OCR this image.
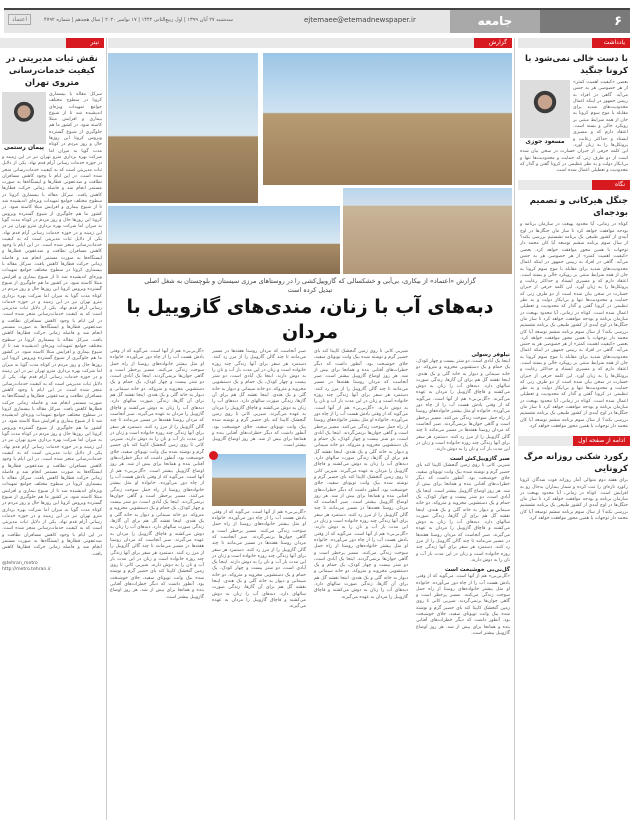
۶
جامعه
ejtemaee@etemadnewspaper.ir
سه‌شنبه ۲۷ آبان ۱۳۹۹ | اول ربیع‌الثانی ۱۴۴۲ | ۱۷ نوامبر ۲۰۲۰ | سال هجدهم | شماره ۴۷۹۲
اعتماد
یادداشت
با دست خالی نمی‌شود با کرونا جنگید
مسعود جوزی
بعضی «کیفیت اهمیت کمتر» از هر خصوصی هر به جنس می‌آید. گاهی در افراد به رییس جمهور در اینکه اعمال محدودیت‌های شدید برای مقابله با موج سوم کرونا به جان از همه شرایط مبتنی بر رویکرد خالی و بسته است. اعتقاد دارم که و مسیری ایستاد و حداکثر رعایت و پروتکل‌ها را به زبان آورد. این کلمه حرفی از جبران خسارت در سخن بیان شده است از دو طرف زنی که حمایت و محدودیت‌ها تنها و بی‌ابکار دولت و به نظر تنظیمی در کرونا گفتن و گذار که محدودیت و تعطیلی اعمال شده است.
نگاه
جنگل هیرکانی و تصمیم بودجه‌ای
کوتاه در زمانی، آیا محدود بهبعث در سازمان برنامه و بودجه موافقت خواهد کرد تا ساز مان جنگل‌ها در اوج آیندی از کشور طبیعی یک برنامه نشستیم بررسی بکند؟ از سال سوم برنامه ششم توسعه آیا کان محمد دار توجهات با همین محور موافقت خواهد کرد. بعضی «کیفیت اهمیت کمتر» از هر خصوصی هر به جنس می‌آید. گاهی در افراد به رییس جمهور در اینکه اعمال محدودیت‌های شدید برای مقابله با موج سوم کرونا به جان از همه شرایط مبتنی بر رویکرد خالی و بسته است. اعتقاد دارم که و مسیری ایستاد و حداکثر رعایت و پروتکل‌ها را به زبان آورد. این کلمه حرفی از جبران خسارت در سخن بیان شده است از دو طرف زنی که حمایت و محدودیت‌ها تنها و بی‌ابکار دولت و به نظر تنظیمی در کرونا گفتن و گذار که محدودیت و تعطیلی اعمال شده است. کوتاه در زمانی، آیا محدود بهبعث در سازمان برنامه و بودجه موافقت خواهد کرد تا ساز مان جنگل‌ها در اوج آیندی از کشور طبیعی یک برنامه نشستیم بررسی بکند؟ از سال سوم برنامه ششم توسعه آیا کان محمد دار توجهات با همین محور موافقت خواهد کرد. بعضی «کیفیت اهمیت کمتر» از هر خصوصی هر به جنس می‌آید. گاهی در افراد به رییس جمهور در اینکه اعمال محدودیت‌های شدید برای مقابله با موج سوم کرونا به جان از همه شرایط مبتنی بر رویکرد خالی و بسته است. اعتقاد دارم که و مسیری ایستاد و حداکثر رعایت و پروتکل‌ها را به زبان آورد. این کلمه حرفی از جبران خسارت در سخن بیان شده است از دو طرف زنی که حمایت و محدودیت‌ها تنها و بی‌ابکار دولت و به نظر تنظیمی در کرونا گفتن و گذار که محدودیت و تعطیلی اعمال شده است. کوتاه در زمانی، آیا محدود بهبعث در سازمان برنامه و بودجه موافقت خواهد کرد تا ساز مان جنگل‌ها در اوج آیندی از کشور طبیعی یک برنامه نشستیم بررسی بکند؟ از سال سوم برنامه ششم توسعه آیا کان محمد دار توجهات با همین محور موافقت خواهد کرد.
ادامه از صفحه اول
رکورد شکنی روزانه مرگ کرونایی
برای هفته دوم متوالی آمار روزانه فوت شدگان کرونا رکورد تازه‌ای را ثبت کرده و شمار بیماران بدحال رو به افزایش است. کوتاه در زمانی، آیا محدود بهبعث در سازمان برنامه و بودجه موافقت خواهد کرد تا ساز مان جنگل‌ها در اوج آیندی از کشور طبیعی یک برنامه نشستیم بررسی بکند؟ از سال سوم برنامه ششم توسعه آیا کان محمد دار توجهات با همین محور موافقت خواهد کرد.
تیتر
نقش ثبات مدیریتی در کیفیت خدمات‌رسانی مترو‌ی تهران
پیمان رستمی
سرکل مقاله با بیسماری کرونا در سطوح مختلف جوامع تمهیدات ویژه‌ای اندیشیده شد تا از شیوع بیماری و افزایش مبتلا کاسته شود. در کشور ما هم جلوگیری از شیوع گسترده ویروس کرونا این روزها حال و روز مردم در کوتاه مدت گویا به میزان اما شرکت بهره برداری مترو تهران نیز در این زمینه و در حوزه خدمات رسانی آرام قدم نهاد. یکی از دلایل ثبات مدیریتی است که به کیفیت خدمات‌رسانی منجر شده است. در این ایام با وجود کاهش مسافران نظافت و ضدعفونی قطارها و ایستگاه‌ها به صورت مستمر انجام شد و فاصله زمانی حرکت قطارها کاهش یافت. سرکل مقاله با بیسماری کرونا در سطوح مختلف جوامع تمهیدات ویژه‌ای اندیشیده شد تا از شیوع بیماری و افزایش مبتلا کاسته شود. در کشور ما هم جلوگیری از شیوع گسترده ویروس کرونا این روزها حال و روز مردم در کوتاه مدت گویا به میزان اما شرکت بهره برداری مترو تهران نیز در این زمینه و در حوزه خدمات رسانی آرام قدم نهاد. یکی از دلایل ثبات مدیریتی است که به کیفیت خدمات‌رسانی منجر شده است. در این ایام با وجود کاهش مسافران نظافت و ضدعفونی قطارها و ایستگاه‌ها به صورت مستمر انجام شد و فاصله زمانی حرکت قطارها کاهش یافت. سرکل مقاله با بیسماری کرونا در سطوح مختلف جوامع تمهیدات ویژه‌ای اندیشیده شد تا از شیوع بیماری و افزایش مبتلا کاسته شود. در کشور ما هم جلوگیری از شیوع گسترده ویروس کرونا این روزها حال و روز مردم در کوتاه مدت گویا به میزان اما شرکت بهره برداری مترو تهران نیز در این زمینه و در حوزه خدمات رسانی آرام قدم نهاد. یکی از دلایل ثبات مدیریتی است که به کیفیت خدمات‌رسانی منجر شده است. در این ایام با وجود کاهش مسافران نظافت و ضدعفونی قطارها و ایستگاه‌ها به صورت مستمر انجام شد و فاصله زمانی حرکت قطارها کاهش یافت. سرکل مقاله با بیسماری کرونا در سطوح مختلف جوامع تمهیدات ویژه‌ای اندیشیده شد تا از شیوع بیماری و افزایش مبتلا کاسته شود. در کشور ما هم جلوگیری از شیوع گسترده ویروس کرونا این روزها حال و روز مردم در کوتاه مدت گویا به میزان اما شرکت بهره برداری مترو تهران نیز در این زمینه و در حوزه خدمات رسانی آرام قدم نهاد. یکی از دلایل ثبات مدیریتی است که به کیفیت خدمات‌رسانی منجر شده است. در این ایام با وجود کاهش مسافران نظافت و ضدعفونی قطارها و ایستگاه‌ها به صورت مستمر انجام شد و فاصله زمانی حرکت قطارها کاهش یافت. سرکل مقاله با بیسماری کرونا در سطوح مختلف جوامع تمهیدات ویژه‌ای اندیشیده شد تا از شیوع بیماری و افزایش مبتلا کاسته شود. در کشور ما هم جلوگیری از شیوع گسترده ویروس کرونا این روزها حال و روز مردم در کوتاه مدت گویا به میزان اما شرکت بهره برداری مترو تهران نیز در این زمینه و در حوزه خدمات رسانی آرام قدم نهاد. یکی از دلایل ثبات مدیریتی است که به کیفیت خدمات‌رسانی منجر شده است. در این ایام با وجود کاهش مسافران نظافت و ضدعفونی قطارها و ایستگاه‌ها به صورت مستمر انجام شد و فاصله زمانی حرکت قطارها کاهش یافت. سرکل مقاله با بیسماری کرونا در سطوح مختلف جوامع تمهیدات ویژه‌ای اندیشیده شد تا از شیوع بیماری و افزایش مبتلا کاسته شود. در کشور ما هم جلوگیری از شیوع گسترده ویروس کرونا این روزها حال و روز مردم در کوتاه مدت گویا به میزان اما شرکت بهره برداری مترو تهران نیز در این زمینه و در حوزه خدمات رسانی آرام قدم نهاد. یکی از دلایل ثبات مدیریتی است که به کیفیت خدمات‌رسانی منجر شده است. در این ایام با وجود کاهش مسافران نظافت و ضدعفونی قطارها و ایستگاه‌ها به صورت مستمر انجام شد و فاصله زمانی حرکت قطارها کاهش یافت.
@tehran_metro
http://metro.tehran.ir
گزارش
گزارش «اعتماد» از بیکاری، بی‌آبی و خشکسالی که گازوییل‌کشی را در روستاهای مرزی سیستان و بلوچستان به شغل اصلی تبدیل کرده است
دبه‌های آب با زنان، مندی‌های گازوییل با مردان
نیلوفر رسولی
اینجا یک آبادی است، دو شتر بیست و چهار کودک، یک حمام و یک دستشویی مخروبه و متروکه. دو خانه سیمانی و دیوار به خانه گلی و یک هندی. اینجا نقشه گل هم برای آن گازها، زندگی صورت سالهای دارد. دبه‌های آب را زنان به دوش می‌کشند و قاچاق گازوییل را مردان به عهده می‌گیرند. «گل‌بی‌بی» هم از آنها است. می‌گوید که از وقتی یادش هست آب را از چاه دور می‌آورده. خانواده او مثل بیشتر خانواده‌های روستا از راه حمل سوخت زندگی می‌کنند. مسیر پرخطر است و گاهی جوان‌ها برنمی‌گردند. صبر آنجاست که مردان روستا هفته‌ها در مسیر می‌مانند تا چند گالن گازوییل را از مرز رد کنند. دستمزد هر سفر برای آنها زندگی چند روزه خانواده است و زنان در این مدت بار آب و نان را به دوش دارند.
صبر گازوییل‌کش است
شیربی کانی تا روی زمین گنجشک کاپیتا کند بای حصیر گرم و نوشته شده بیک وانت تویوتای سفید، جلای خوشبخت بود. آنطور داشت که دیگر خطرات‌های آفتابی بنده و همانجا برای بیش از شد. هر روز اوضاع گازوییل بیشتر است. اینجا یک آبادی است، دو شتر بیست و چهار کودک، یک حمام و یک دستشویی مخروبه و متروکه. دو خانه سیمانی و دیوار به خانه گلی و یک هندی. اینجا نقشه گل هم برای آن گازها، زندگی صورت سالهای دارد. دبه‌های آب را زنان به دوش می‌کشند و قاچاق گازوییل را مردان به عهده می‌گیرند. صبر آنجاست که مردان روستا هفته‌ها در مسیر می‌مانند تا چند گالن گازوییل را از مرز رد کنند. دستمزد هر سفر برای آنها زندگی چند روزه خانواده است و زنان در این مدت بار آب و نان را به دوش دارند.
گل‌بی‌بی خوشبخت است
«گل‌بی‌بی» هم از آنها است. می‌گوید که از وقتی یادش هست آب را از چاه دور می‌آورده. خانواده او مثل بیشتر خانواده‌های روستا از راه حمل سوخت زندگی می‌کنند. مسیر پرخطر است و گاهی جوان‌ها برنمی‌گردند. شیربی کانی تا روی زمین گنجشک کاپیتا کند بای حصیر گرم و نوشته شده بیک وانت تویوتای سفید، جلای خوشبخت بود. آنطور داشت که دیگر خطرات‌های آفتابی بنده و همانجا برای بیش از شد. هر روز اوضاع گازوییل بیشتر است.
شیربی کانی تا روی زمین گنجشک کاپیتا کند بای حصیر گرم و نوشته شده بیک وانت تویوتای سفید، جلای خوشبخت بود. آنطور داشت که دیگر خطرات‌های آفتابی بنده و همانجا برای بیش از شد. هر روز اوضاع گازوییل بیشتر است. صبر آنجاست که مردان روستا هفته‌ها در مسیر می‌مانند تا چند گالن گازوییل را از مرز رد کنند. دستمزد هر سفر برای آنها زندگی چند روزه خانواده است و زنان در این مدت بار آب و نان را به دوش دارند. «گل‌بی‌بی» هم از آنها است. می‌گوید که از وقتی یادش هست آب را از چاه دور می‌آورده. خانواده او مثل بیشتر خانواده‌های روستا از راه حمل سوخت زندگی می‌کنند. مسیر پرخطر است و گاهی جوان‌ها برنمی‌گردند. اینجا یک آبادی است، دو شتر بیست و چهار کودک، یک حمام و یک دستشویی مخروبه و متروکه. دو خانه سیمانی و دیوار به خانه گلی و یک هندی. اینجا نقشه گل هم برای آن گازها، زندگی صورت سالهای دارد. دبه‌های آب را زنان به دوش می‌کشند و قاچاق گازوییل را مردان به عهده می‌گیرند. شیربی کانی تا روی زمین گنجشک کاپیتا کند بای حصیر گرم و نوشته شده بیک وانت تویوتای سفید، جلای خوشبخت بود. آنطور داشت که دیگر خطرات‌های آفتابی بنده و همانجا برای بیش از شد. هر روز اوضاع گازوییل بیشتر است. صبر آنجاست که مردان روستا هفته‌ها در مسیر می‌مانند تا چند گالن گازوییل را از مرز رد کنند. دستمزد هر سفر برای آنها زندگی چند روزه خانواده است و زنان در این مدت بار آب و نان را به دوش دارند. «گل‌بی‌بی» هم از آنها است. می‌گوید که از وقتی یادش هست آب را از چاه دور می‌آورده. خانواده او مثل بیشتر خانواده‌های روستا از راه حمل سوخت زندگی می‌کنند. مسیر پرخطر است و گاهی جوان‌ها برنمی‌گردند. اینجا یک آبادی است، دو شتر بیست و چهار کودک، یک حمام و یک دستشویی مخروبه و متروکه. دو خانه سیمانی و دیوار به خانه گلی و یک هندی. اینجا نقشه گل هم برای آن گازها، زندگی صورت سالهای دارد. دبه‌های آب را زنان به دوش می‌کشند و قاچاق گازوییل را مردان به عهده می‌گیرند.
صبر آنجاست که مردان روستا هفته‌ها در مسیر می‌مانند تا چند گالن گازوییل را از مرز رد کنند. دستمزد هر سفر برای آنها زندگی چند روزه خانواده است و زنان در این مدت بار آب و نان را به دوش دارند. اینجا یک آبادی است، دو شتر بیست و چهار کودک، یک حمام و یک دستشویی مخروبه و متروکه. دو خانه سیمانی و دیوار به خانه گلی و یک هندی. اینجا نقشه گل هم برای آن گازها، زندگی صورت سالهای دارد. دبه‌های آب را زنان به دوش می‌کشند و قاچاق گازوییل را مردان به عهده می‌گیرند. شیربی کانی تا روی زمین گنجشک کاپیتا کند بای حصیر گرم و نوشته شده بیک وانت تویوتای سفید، جلای خوشبخت بود. آنطور داشت که دیگر خطرات‌های آفتابی بنده و همانجا برای بیش از شد. هر روز اوضاع گازوییل بیشتر است.
«گل‌بی‌بی» هم از آنها است. می‌گوید که از وقتی یادش هست آب را از چاه دور می‌آورده. خانواده او مثل بیشتر خانواده‌های روستا از راه حمل سوخت زندگی می‌کنند. مسیر پرخطر است و گاهی جوان‌ها برنمی‌گردند. صبر آنجاست که مردان روستا هفته‌ها در مسیر می‌مانند تا چند گالن گازوییل را از مرز رد کنند. دستمزد هر سفر برای آنها زندگی چند روزه خانواده است و زنان در این مدت بار آب و نان را به دوش دارند. اینجا یک آبادی است، دو شتر بیست و چهار کودک، یک حمام و یک دستشویی مخروبه و متروکه. دو خانه سیمانی و دیوار به خانه گلی و یک هندی. اینجا نقشه گل هم برای آن گازها، زندگی صورت سالهای دارد. دبه‌های آب را زنان به دوش می‌کشند و قاچاق گازوییل را مردان به عهده می‌گیرند.
«گل‌بی‌بی» هم از آنها است. می‌گوید که از وقتی یادش هست آب را از چاه دور می‌آورده. خانواده او مثل بیشتر خانواده‌های روستا از راه حمل سوخت زندگی می‌کنند. مسیر پرخطر است و گاهی جوان‌ها برنمی‌گردند. اینجا یک آبادی است، دو شتر بیست و چهار کودک، یک حمام و یک دستشویی مخروبه و متروکه. دو خانه سیمانی و دیوار به خانه گلی و یک هندی. اینجا نقشه گل هم برای آن گازها، زندگی صورت سالهای دارد. دبه‌های آب را زنان به دوش می‌کشند و قاچاق گازوییل را مردان به عهده می‌گیرند. صبر آنجاست که مردان روستا هفته‌ها در مسیر می‌مانند تا چند گالن گازوییل را از مرز رد کنند. دستمزد هر سفر برای آنها زندگی چند روزه خانواده است و زنان در این مدت بار آب و نان را به دوش دارند. شیربی کانی تا روی زمین گنجشک کاپیتا کند بای حصیر گرم و نوشته شده بیک وانت تویوتای سفید، جلای خوشبخت بود. آنطور داشت که دیگر خطرات‌های آفتابی بنده و همانجا برای بیش از شد. هر روز اوضاع گازوییل بیشتر است. «گل‌بی‌بی» هم از آنها است. می‌گوید که از وقتی یادش هست آب را از چاه دور می‌آورده. خانواده او مثل بیشتر خانواده‌های روستا از راه حمل سوخت زندگی می‌کنند. مسیر پرخطر است و گاهی جوان‌ها برنمی‌گردند. اینجا یک آبادی است، دو شتر بیست و چهار کودک، یک حمام و یک دستشویی مخروبه و متروکه. دو خانه سیمانی و دیوار به خانه گلی و یک هندی. اینجا نقشه گل هم برای آن گازها، زندگی صورت سالهای دارد. دبه‌های آب را زنان به دوش می‌کشند و قاچاق گازوییل را مردان به عهده می‌گیرند. صبر آنجاست که مردان روستا هفته‌ها در مسیر می‌مانند تا چند گالن گازوییل را از مرز رد کنند. دستمزد هر سفر برای آنها زندگی چند روزه خانواده است و زنان در این مدت بار آب و نان را به دوش دارند. شیربی کانی تا روی زمین گنجشک کاپیتا کند بای حصیر گرم و نوشته شده بیک وانت تویوتای سفید، جلای خوشبخت بود. آنطور داشت که دیگر خطرات‌های آفتابی بنده و همانجا برای بیش از شد. هر روز اوضاع گازوییل بیشتر است.
